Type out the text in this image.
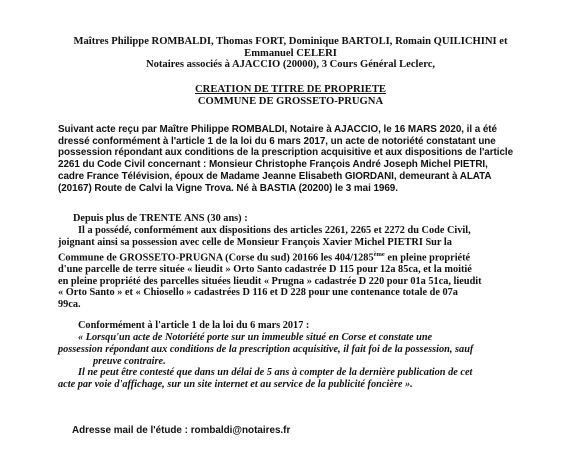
Maîtres Philippe ROMBALDI, Thomas FORT, Dominique BARTOLI, Romain QUILICHINI et
Emmanuel CELERI
Notaires associés à AJACCIO (20000), 3 Cours Général Leclerc,
CREATION DE TITRE DE PROPRIETE
COMMUNE DE GROSSETO-PRUGNA
Suivant acte reçu par Maître Philippe ROMBALDI, Notaire à AJACCIO, le 16 MARS 2020, il a été
dressé conformément à l'article 1 de la loi du 6 mars 2017, un acte de notoriété constatant une
possession répondant aux conditions de la prescription acquisitive et aux dispositions de l'article
2261 du Code Civil concernant : Monsieur Christophe François André Joseph Michel PIETRI,
cadre France Télévision, époux de Madame Jeanne Elisabeth GIORDANI, demeurant à ALATA
(20167) Route de Calvi la Vigne Trova. Né à BASTIA (20200) le 3 mai 1969.
Depuis plus de TRENTE ANS (30 ans) :
Il a possédé, conformément aux dispositions des articles 2261, 2265 et 2272 du Code Civil,
joignant ainsi sa possession avec celle de Monsieur François Xavier Michel PIETRI Sur la
Commune de GROSSETO-PRUGNA (Corse du sud) 20166 les 404/1285ème en pleine propriété
d'une parcelle de terre située « lieudit » Orto Santo cadastrée D 115 pour 12a 85ca, et la moitié
en pleine propriété des parcelles situées lieudit « Prugna » cadastrée D 220 pour 01a 51ca, lieudit
« Orto Santo » et « Chiosello » cadastrées D 116 et D 228 pour une contenance totale de 07a
99ca.
Conformément à l'article 1 de la loi du 6 mars 2017 :
« Lorsqu'un acte de Notoriété porte sur un immeuble situé en Corse et constate une
possession répondant aux conditions de la prescription acquisitive, il fait foi de la possession, sauf
preuve contraire.
Il ne peut être contesté que dans un délai de 5 ans à compter de la dernière publication de cet
acte par voie d'affichage, sur un site internet et au service de la publicité foncière ».
Adresse mail de l'étude : rombaldi@notaires.fr
